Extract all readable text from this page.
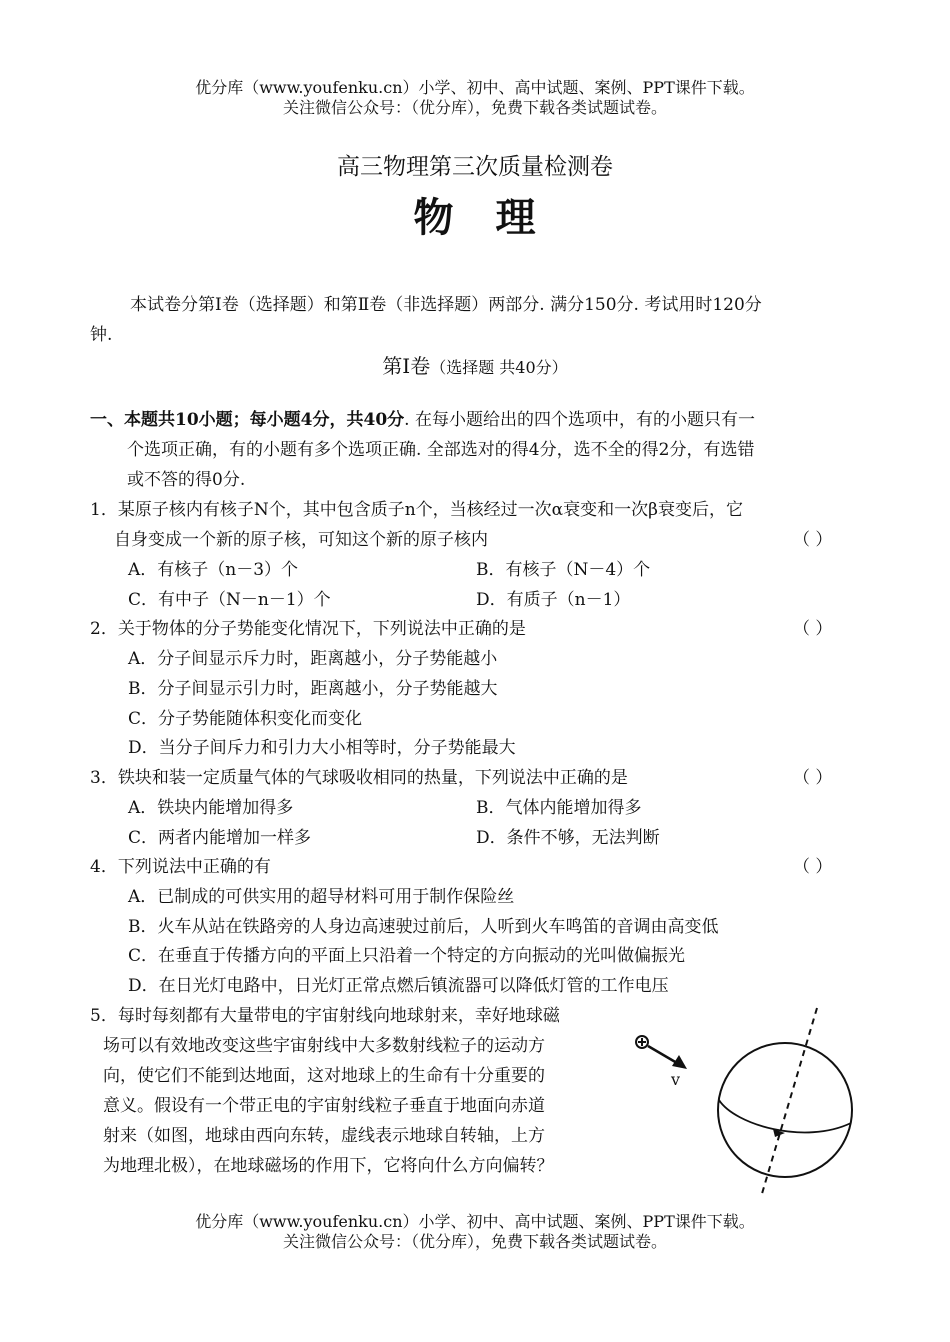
优分库（www.youfenku.cn）小学、初中、高中试题、案例、PPT课件下载。
关注微信公众号：（优分库），免费下载各类试题试卷。
高三物理第三次质量检测卷
物　理
本试卷分第Ⅰ卷（选择题）和第Ⅱ卷（非选择题）两部分. 满分150分. 考试用时120分
钟.
第Ⅰ卷（选择题 共40分）
一、本题共10小题；每小题4分，共40分. 在每小题给出的四个选项中，有的小题只有一
个选项正确，有的小题有多个选项正确. 全部选对的得4分，选不全的得2分，有选错
或不答的得0分.
1．某原子核内有核子N个，其中包含质子n个，当核经过一次α衰变和一次β衰变后，它
自身变成一个新的原子核，可知这个新的原子核内	（ ）
A．有核子（n－3）个	B．有核子（N－4）个
C．有中子（N－n－1）个	D．有质子（n－1）
2．关于物体的分子势能变化情况下，下列说法中正确的是	（ ）
A．分子间显示斥力时，距离越小，分子势能越小
B．分子间显示引力时，距离越小，分子势能越大
C．分子势能随体积变化而变化
D．当分子间斥力和引力大小相等时，分子势能最大
3．铁块和装一定质量气体的气球吸收相同的热量，下列说法中正确的是	（ ）
A．铁块内能增加得多	B．气体内能增加得多
C．两者内能增加一样多	D．条件不够，无法判断
4．下列说法中正确的有	（ ）
A．已制成的可供实用的超导材料可用于制作保险丝
B．火车从站在铁路旁的人身边高速驶过前后，人听到火车鸣笛的音调由高变低
C．在垂直于传播方向的平面上只沿着一个特定的方向振动的光叫做偏振光
D．在日光灯电路中，日光灯正常点燃后镇流器可以降低灯管的工作电压
5．每时每刻都有大量带电的宇宙射线向地球射来，幸好地球磁
场可以有效地改变这些宇宙射线中大多数射线粒子的运动方
向，使它们不能到达地面，这对地球上的生命有十分重要的
意义。假设有一个带正电的宇宙射线粒子垂直于地面向赤道
射来（如图，地球由西向东转，虚线表示地球自转轴，上方
为地理北极），在地球磁场的作用下，它将向什么方向偏转？
v
优分库（www.youfenku.cn）小学、初中、高中试题、案例、PPT课件下载。
关注微信公众号：（优分库），免费下载各类试题试卷。
